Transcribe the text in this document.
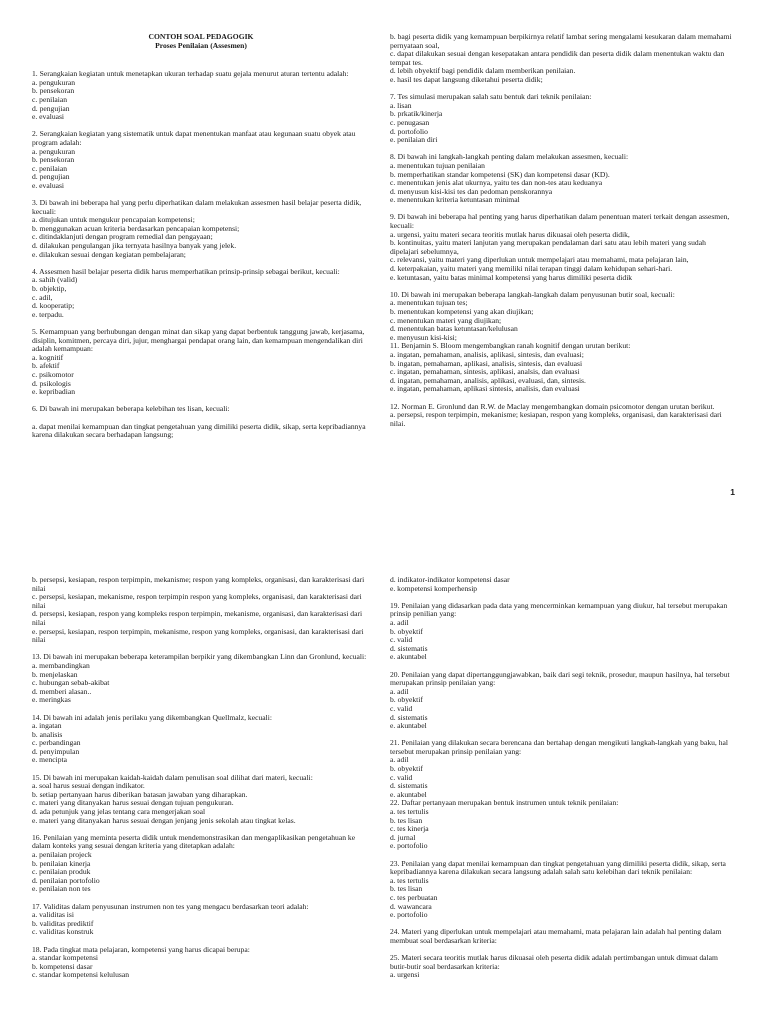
CONTOH SOAL PEDAGOGIK
Proses Penilaian (Assesmen)

1. Serangkaian kegiatan untuk menetapkan ukuran terhadap suatu gejala menurut aturan tertentu adalah:

a. pengukuran

b. pensekoran

c. penilaian

d. pengujian

e. evaluasi

2. Serangkaian kegiatan yang sistematik untuk dapat menentukan manfaat atau kegunaan suatu obyek atau program adalah:

a. pengukuran

b. pensekoran

c. penilaian

d. pengujian

e. evaluasi

3. Di bawah ini beberapa hal yang perlu diperhatikan dalam melakukan assesmen hasil belajar peserta didik, kecuali:

a. ditujukan untuk mengukur pencapaian kompetensi;

b. menggunakan acuan kriteria berdasarkan pencapaian kompetensi;

c. ditindaklanjuti dengan program remedial dan pengayaan;

d. dilakukan pengulangan jika ternyata hasilnya banyak yang jelek.

e. dilakukan sesuai dengan kegiatan pembelajaran;

4. Assesmen hasil belajar peserta didik harus memperhatikan prinsip-prinsip sebagai berikut, kecuali:

a. sahih (valid)

b. objektip,

c. adil,

d. kooperatip;

e. terpadu.

5. Kemampuan yang berhubungan dengan minat dan sikap yang dapat berbentuk tanggung jawab, kerjasama, disiplin, komitmen, percaya diri, jujur, menghargai pendapat orang lain, dan kemampuan mengendalikan diri adalah kemampuan:

a. kognitif

b. afektif

c. psikomotor

d. psikologis

e. kepribadian

6. Di bawah ini merupakan beberapa kelebihan tes lisan, kecuali:

a. dapat menilai kemampuan dan tingkat pengetahuan yang dimiliki peserta didik, sikap, serta kepribadiannya karena dilakukan secara berhadapan langsung;

b. bagi peserta didik yang kemampuan berpikirnya relatif lambat sering mengalami kesukaran dalam memahami pernyataan soal,

c. dapat dilakukan sesuai dengan kesepatakan antara pendidik dan peserta didik dalam menentukan waktu dan tempat tes.

d. lebih obyektif bagi pendidik dalam memberikan penilaian.

e. hasil tes dapat langsung diketahui peserta didik;

7. Tes simulasi merupakan salah satu bentuk dari teknik penilaian:

a. lisan

b. prkatik/kinerja

c. penugasan

d. portofolio

e. penilaian diri

8. Di bawah ini langkah-langkah penting dalam melakukan assesmen, kecuali:

a. menentukan tujuan penilaian

b. memperhatikan standar kompetensi (SK) dan kompetensi dasar (KD).

c. menentukan jenis alat ukurnya, yaitu tes dan non-tes atau keduanya

d. menyusun kisi-kisi tes dan pedoman penskorannya

e. menentukan kriteria ketuntasan minimal

9. Di bawah ini beberapa hal penting yang harus diperhatikan dalam penentuan materi terkait dengan assesmen, kecuali:

a. urgensi, yaitu materi secara teoritis mutlak harus dikuasai oleh peserta didik,

b. kontinuitas, yaitu materi lanjutan yang merupakan pendalaman dari satu atau lebih materi yang sudah dipelajari sebelumnya,

c. relevansi, yaitu materi yang diperlukan untuk mempelajari atau memahami, mata pelajaran lain,

d. keterpakaian, yaitu materi yang memiliki nilai terapan tinggi dalam kehidupan sehari-hari.

e. ketuntasan, yaitu batas minimal kompetensi yang harus dimiliki peserta didik

10. Di bawah ini merupakan beberapa langkah-langkah dalam penyusunan butir soal, kecuali:

a. menentukan tujuan tes;

b. menentukan kompetensi yang akan diujikan;

c. menentukan materi yang diujikan;

d. menentukan batas ketuntasan/kelulusan

e. menyusun kisi-kisi;

11. Benjamin S. Bloom mengembangkan ranah kognitif dengan urutan berikut:

a. ingatan, pemahaman, analisis, aplikasi, sintesis, dan evaluasi;

b. ingatan, pemahaman, aplikasi, analisis, sintesis, dan evaluasi

c. ingatan, pemahaman, sintesis, aplikasi, analsis, dan evaluasi

d. ingatan, pemahaman, analisis, aplikasi, evaluasi, dan, sintesis.

e. ingatan, pemahaman, aplikasi sintesis, analisis, dan evaluasi

12. Norman E. Gronlund dan R.W. de Maclay mengembangkan domain psicomotor dengan urutan berikut.

a. persepsi, respon terpimpin, mekanisme; kesiapan, respon yang kompleks, organisasi, dan karakterisasi dari nilai.

1

b. persepsi, kesiapan, respon terpimpin, mekanisme; respon yang kompleks, organisasi, dan karakterisasi dari nilai

c. persepsi, kesiapan, mekanisme, respon terpimpin respon yang kompleks, organisasi, dan karakterisasi dari nilai

d. persepsi, kesiapan, respon yang kompleks respon terpimpin, mekanisme, organisasi, dan karakterisasi dari nilai

e. persepsi, kesiapan, respon terpimpin, mekanisme, respon yang kompleks, organisasi, dan karakterisasi dari nilai

13. Di bawah ini merupakan beberapa keterampilan berpikir yang dikembangkan Linn dan Gronlund, kecuali:

a. membandingkan

b. menjelaskan

c. hubungan sebab-akibat

d. memberi alasan..

e. meringkas

14. Di bawah ini adalah jenis perilaku yang dikembangkan Quellmalz, kecuali:

a. ingatan

b. analisis

c. perbandingan

d. penyimpulan

e. mencipta

15. Di bawah ini merupakan kaidah-kaidah dalam penulisan soal dilihat dari materi, kecuali:

a. soal harus sesuai dengan indikator.

b. setiap pertanyaan harus diberikan batasan jawaban yang diharapkan.

c. materi yang ditanyakan harus sesuai dengan tujuan pengukuran.

d. ada petunjuk yang jelas tentang cara mengerjakan soal

e. materi yang ditanyakan harus sesuai dengan jenjang jenis sekolah atau tingkat kelas.

16. Penilaian yang meminta peserta didik untuk mendemonstrasikan dan mengaplikasikan pengetahuan ke dalam konteks yang sesuai dengan kriteria yang ditetapkan adalah:

a. penilaian projeck

b. penilaian kinerja

c. penilaian produk

d. penilaian portofolio

e. penilaian non tes

17. Validitas dalam penyusunan instrumen non tes yang mengacu berdasarkan teori adalah:

a. validitas isi

b. validitas prediktif

c. validitas konstruk

18. Pada tingkat mata pelajaran, kompetensi yang harus dicapai berupa:

a. standar kompetensi

b. kompetensi dasar

c. standar kompetensi kelulusan

d. indikator-indikator kompetensi dasar

e. kompetensi komperhensip

19. Penilaian yang didasarkan pada data yang mencerminkan kemampuan yang diukur, hal tersebut merupakan prinsip penilian yang:

a. adil

b. obyektif

c. valid

d. sistematis

e. akuntabel

20. Penilaian yang dapat dipertanggungjawabkan, baik dari segi teknik, prosedur, maupun hasilnya, hal tersebut merupakan prinsip penilaian yang:

a. adil

b. obyektif

c. valid

d. sistematis

e. akuntabel

21. Penilaian yang dilakukan secara berencana dan bertahap dengan mengikuti langkah-langkah yang baku, hal tersebut merupakan prinsip penilaian yang:

a. adil

b. obyektif

c. valid

d. sistematis

e. akuntabel

22. Daftar pertanyaan merupakan bentuk instrumen untuk teknik penilaian:

a. tes tertulis

b. tes lisan

c. tes kinerja

d. jurnal

e. portofolio

23. Penilaian yang dapat menilai kemampuan dan tingkat pengetahuan yang dimiliki peserta didik, sikap, serta kepribadiannya karena dilakukan secara langsung adalah salah satu kelebihan dari teknik penilaian:

a. tes tertulis

b. tes lisan

c. tes perbuatan

d. wawancara

e. portofolio

24. Materi yang diperlukan untuk mempelajari atau memahami, mata pelajaran lain adalah hal penting dalam membuat soal berdasarkan kriteria:

25. Materi secara teoritis mutlak harus dikuasai oleh peserta didik adalah pertimbangan untuk dimuat dalam butir-butir soal berdasarkan kriteria:

a. urgensi
